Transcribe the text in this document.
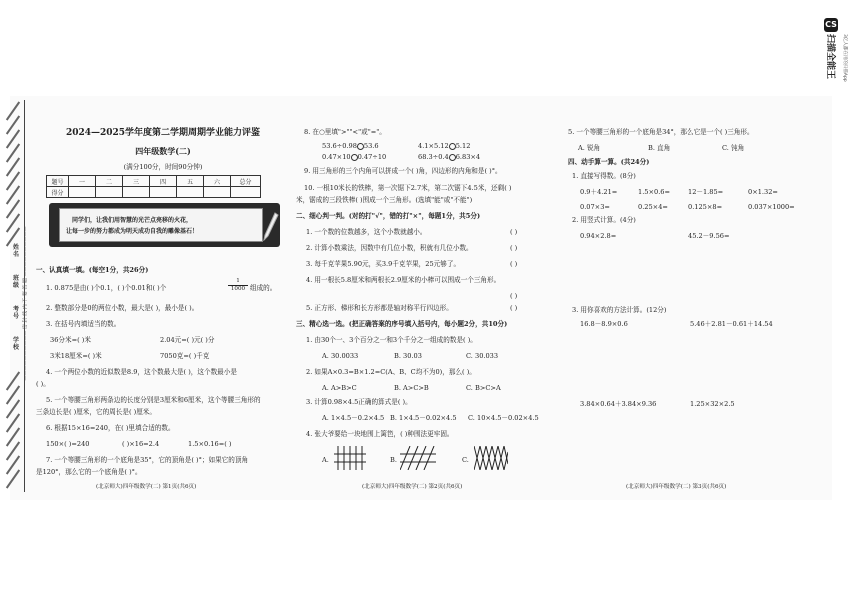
CS
扫描全能王	3亿人都在用的扫描App
姓名
班级
考号
学校 —————————— 密 封 线 内 不 要 答 题 ——————————
2024—2025学年度第二学期周期学业能力评鉴
四年级数学(二)
(满分100分，时间90分钟)
题号	一	二	三	四	五	六	总分
得分							
同学们，让我们用智慧的光芒点亮移的火花，
让每一步的努力都成为明天成功自我的雕像基石！
一、认真填一填。(每空1分，共26分)
1. 0.875是由( )个0.1，( )个0.01和( )个	$\frac{1}{1000}$ 组成的。
2. 整数部分是0的两位小数，最大是( )，最小是( )。
3. 在括号内填适当的数。
36分米=( )米	2.04元=( )元( )分
3米18厘米=( )米	7050克=( )千克
4. 一个两位小数的近似数是8.9，这个数最大是( )，这个数最小是
( )。
5. 一个等腰三角形两条边的长度分别是3厘米和6厘米，这个等腰三角形的
三条边长是( )厘米，它的周长是( )厘米。
6. 根据15×16=240，在( )里填合适的数。
150×( )=240	( )×16=2.4	1.5×0.16=( )
7. 一个等腰三角形的一个底角是35°，它的顶角是( )°；如果它的顶角
是120°，那么它的一个底角是( )°。
(北京师大)四年级数学(二) 第1页(共6页)
8. 在○里填">""<"或"="。
53.6÷0.98 53.6	4.1×5.12 5.12
0.47×10 0.47÷10	68.3÷0.4 6.83×4
9. 用三角形的三个内角可以拼成一个( )角，四边形的内角和是( )°。
10. 一根10米长的铁棒，第一次锯下2.7米，第二次锯下4.5米，还剩( )
米，锯成的三段铁棒( )围成一个三角形。(选填"能"或"不能")
二、细心判一判。(对的打"√"，错的打"×"，每题1分，共5分)
1. 一个数的位数越多，这个小数就越小。	( )
2. 计算小数乘法，因数中有几位小数，积就有几位小数。	( )
3. 每千克苹果5.90元，买3.9千克苹果，25元够了。	( )
4. 用一根长5.8厘米和两根长2.9厘米的小棒可以围成一个三角形。
( )
5. 正方形、梯形和长方形都是轴对称平行四边形。	( )
三、精心选一选。(把正确答案的序号填入括号内，每小题2分，共10分)
1. 由30个一、3个百分之一和3个千分之一组成的数是( )。
A. 30.0033	B. 30.03	C. 30.033
2. 如果A×0.3=B×1.2=C(A、B、C均不为0)，那么( )。
A. A>B>C	B. A>C>B	C. B>C>A
3. 计算0.98×4.5正确的算式是( )。
A. 1×4.5－0.2×4.5 B. 1×4.5－0.02×4.5 C. 10×4.5－0.02×4.5
4. 张大爷要给一块地围上篱笆，( )种围法更牢固。
A.	B.	C.
(北京师大)四年级数学(二) 第2页(共6页)
5. 一个等腰三角形的一个底角是34°，那么它是一个( )三角形。
A. 锐角	B. 直角	C. 钝角
四、动手算一算。(共24分)
1. 直接写得数。(8分)
0.9＋4.21=	1.5×0.6=	12－1.85=	0×1.32=
0.07×3=	0.25×4=	0.125×8=	0.037×1000=
2. 用竖式计算。(4分)
0.94×2.8=	45.2－9.56=
3. 用你喜欢的方法计算。(12分)
16.8－8.9×0.6	5.46＋2.81－0.61＋14.54
3.84×0.64＋3.84×9.36	1.25×32×2.5
(北京师大)四年级数学(二) 第3页(共6页)
